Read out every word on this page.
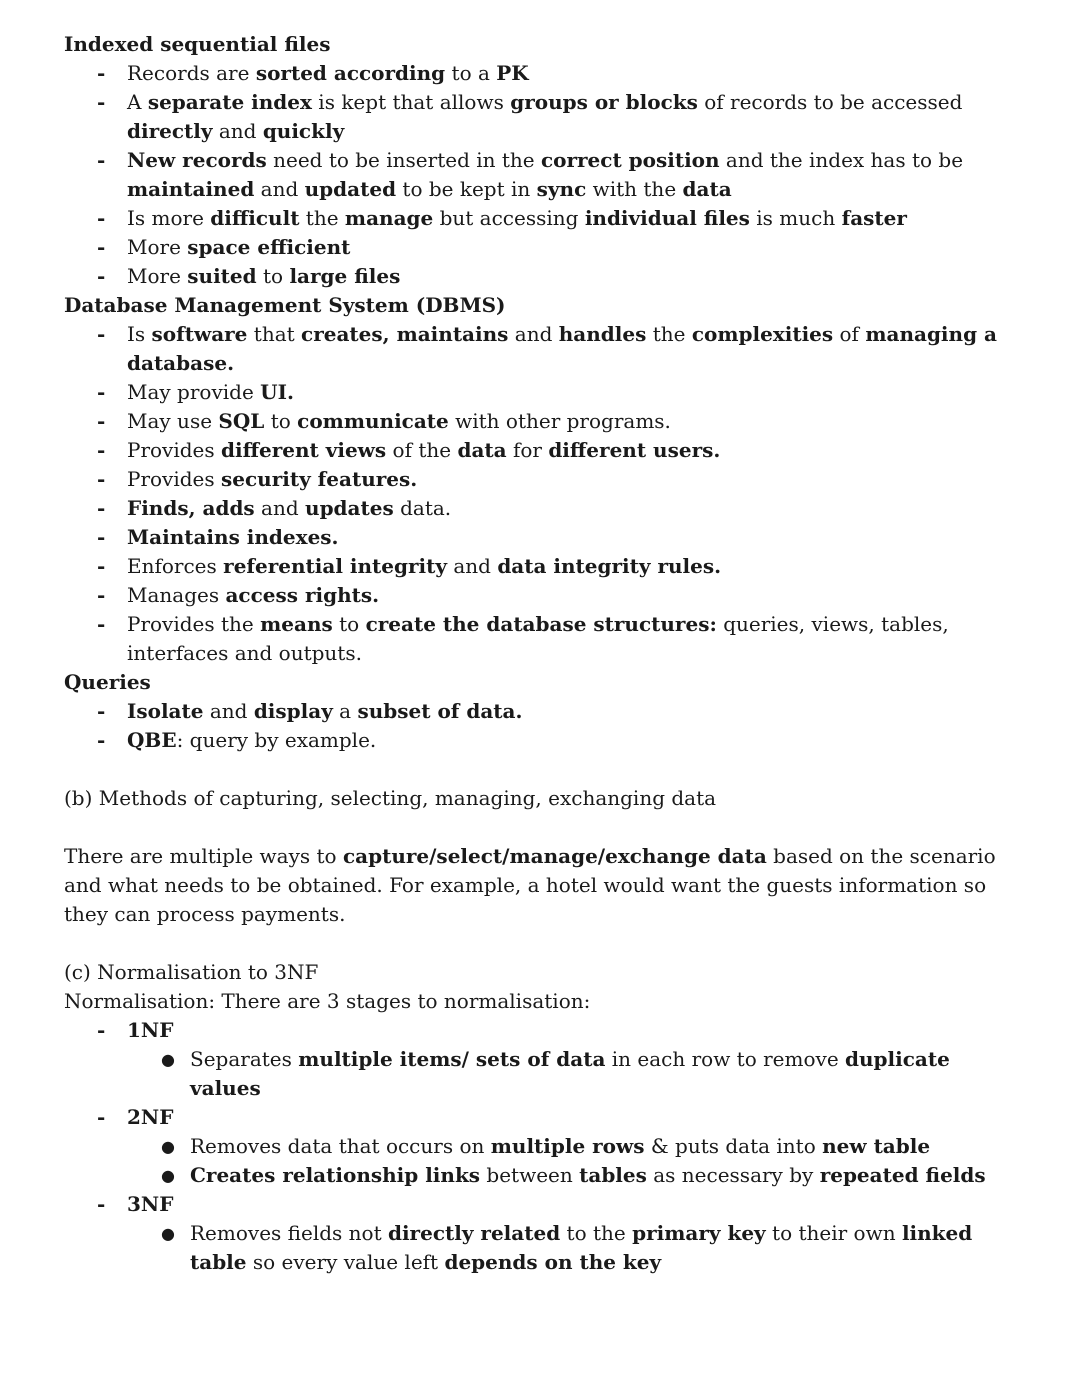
Indexed sequential files
- Records are sorted according to a PK
- A separate index is kept that allows groups or blocks of records to be accessed directly and quickly
- New records need to be inserted in the correct position and the index has to be maintained and updated to be kept in sync with the data
- Is more difficult the manage but accessing individual files is much faster
- More space efficient
- More suited to large files
Database Management System (DBMS)
- Is software that creates, maintains and handles the complexities of managing a database.
- May provide UI.
- May use SQL to communicate with other programs.
- Provides different views of the data for different users.
- Provides security features.
- Finds, adds and updates data.
- Maintains indexes.
- Enforces referential integrity and data integrity rules.
- Manages access rights.
- Provides the means to create the database structures: queries, views, tables, interfaces and outputs.
Queries
- Isolate and display a subset of data.
- QBE: query by example.

(b) Methods of capturing, selecting, managing, exchanging data

There are multiple ways to capture/select/manage/exchange data based on the scenario and what needs to be obtained. For example, a hotel would want the guests information so they can process payments.

(c) Normalisation to 3NF

Normalisation: There are 3 stages to normalisation:

- 1NF
● Separates multiple items/ sets of data in each row to remove duplicate values
- 2NF
● Removes data that occurs on multiple rows & puts data into new table
● Creates relationship links between tables as necessary by repeated fields
- 3NF
● Removes fields not directly related to the primary key to their own linked table so every value left depends on the key
